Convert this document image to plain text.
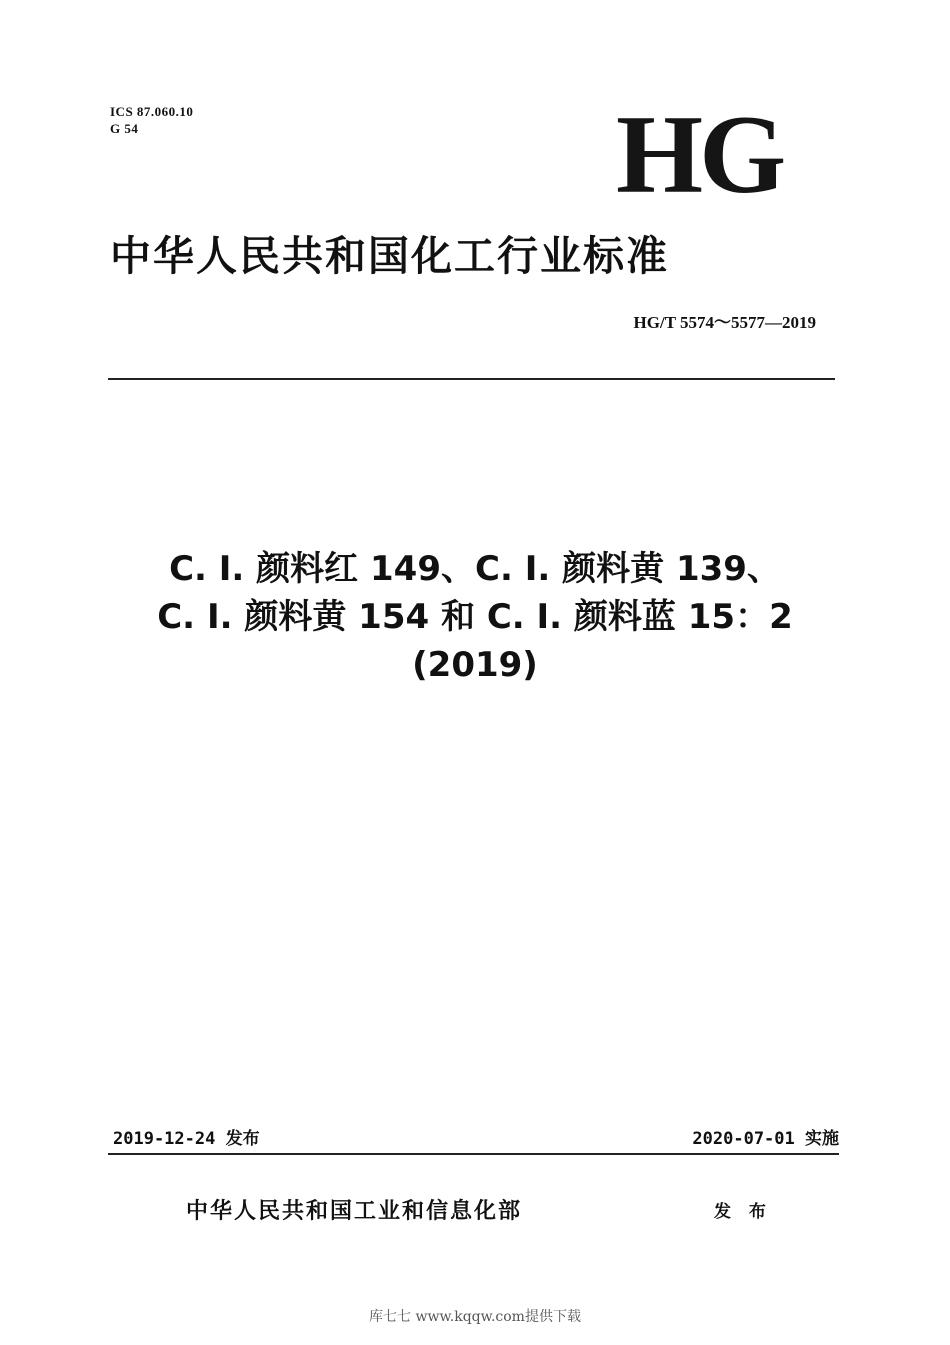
ICS 87.060.10
G 54	HG
中华人民共和国化工行业标准
HG/T 5574～5577—2019
C. I. 颜料红 149、C. I. 颜料黄 139、
C. I. 颜料黄 154 和 C. I. 颜料蓝 15：2
(2019)
2019-12-24 发布	2020-07-01 实施
中华人民共和国工业和信息化部	发 布
库七七 www.kqqw.com提供下载
